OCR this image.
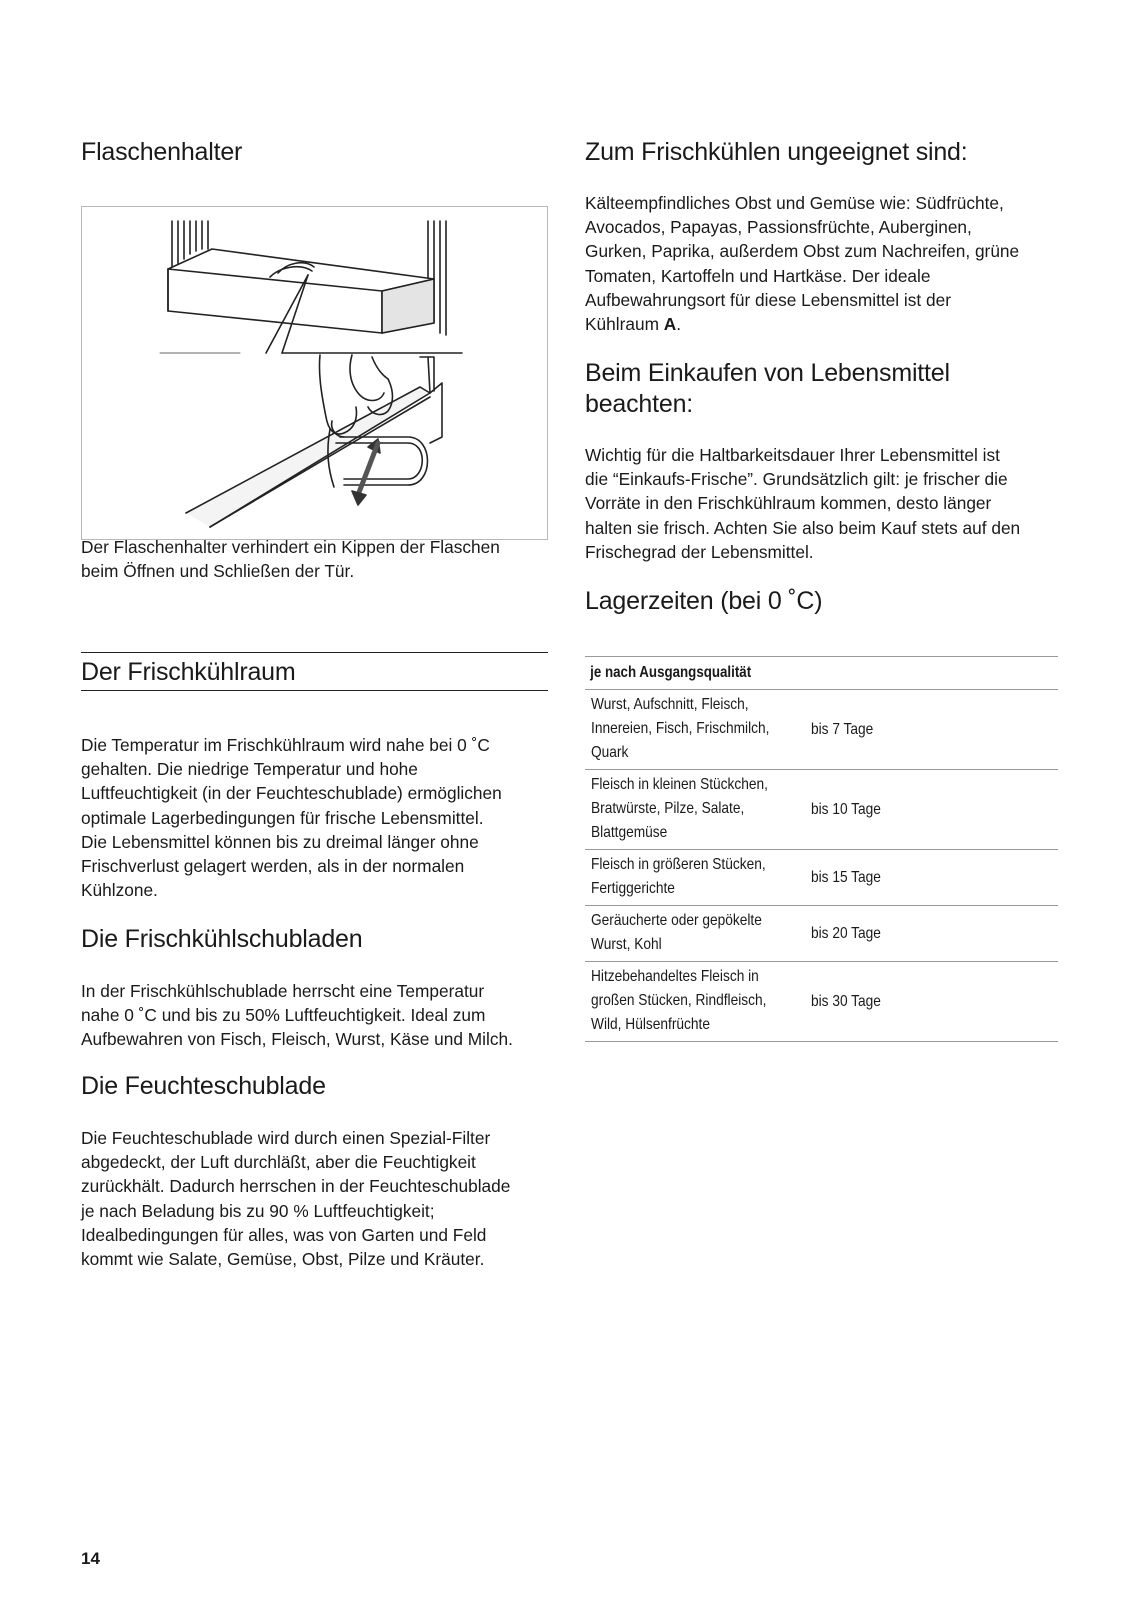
Flaschenhalter
Der Flaschenhalter verhindert ein Kippen der Flaschen
beim Öffnen und Schließen der Tür.
Der Frischkühlraum
Die Temperatur im Frischkühlraum wird nahe bei 0 ˚C
gehalten. Die niedrige Temperatur und hohe
Luftfeuchtigkeit (in der Feuchteschublade) ermöglichen
optimale Lagerbedingungen für frische Lebensmittel.
Die Lebensmittel können bis zu dreimal länger ohne
Frischverlust gelagert werden, als in der normalen
Kühlzone.
Die Frischkühlschubladen
In der Frischkühlschublade herrscht eine Temperatur
nahe 0 ˚C und bis zu 50% Luftfeuchtigkeit. Ideal zum
Aufbewahren von Fisch, Fleisch, Wurst, Käse und Milch.
Die Feuchteschublade
Die Feuchteschublade wird durch einen Spezial-Filter
abgedeckt, der Luft durchläßt, aber die Feuchtigkeit
zurückhält. Dadurch herrschen in der Feuchteschublade
je nach Beladung bis zu 90 % Luftfeuchtigkeit;
Idealbedingungen für alles, was von Garten und Feld
kommt wie Salate, Gemüse, Obst, Pilze und Kräuter.
Zum Frischkühlen ungeeignet sind:
Kälteempfindliches Obst und Gemüse wie: Südfrüchte,
Avocados, Papayas, Passionsfrüchte, Auberginen,
Gurken, Paprika, außerdem Obst zum Nachreifen, grüne
Tomaten, Kartoffeln und Hartkäse. Der ideale
Aufbewahrungsort für diese Lebensmittel ist der
Kühlraum A.
Beim Einkaufen von Lebensmittel
beachten:
Wichtig für die Haltbarkeitsdauer Ihrer Lebensmittel ist
die “Einkaufs-Frische”. Grundsätzlich gilt: je frischer die
Vorräte in den Frischkühlraum kommen, desto länger
halten sie frisch. Achten Sie also beim Kauf stets auf den
Frischegrad der Lebensmittel.
Lagerzeiten (bei 0 ˚C)
je nach Ausgangsqualität
Wurst, Aufschnitt, Fleisch,
Innereien, Fisch, Frischmilch,
Quark
bis 7 Tage
Fleisch in kleinen Stückchen,
Bratwürste, Pilze, Salate,
Blattgemüse
bis 10 Tage
Fleisch in größeren Stücken,
Fertiggerichte
bis 15 Tage
Geräucherte oder gepökelte
Wurst, Kohl
bis 20 Tage
Hitzebehandeltes Fleisch in
großen Stücken, Rindfleisch,
Wild, Hülsenfrüchte
bis 30 Tage
14
